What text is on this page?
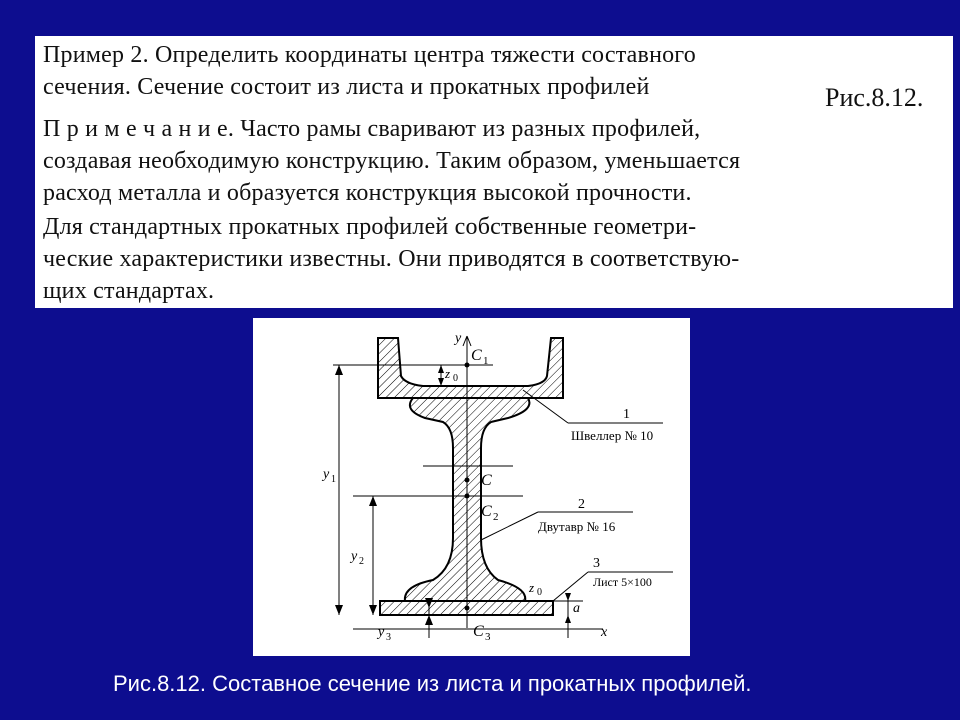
Пример 2. Определить координаты центра тяжести составного
сечения. Сечение состоит из листа и прокатных профилей	Рис.8.12.
П р и м е ч а н и е. Часто рамы сваривают из разных профилей,
создавая необходимую конструкцию. Таким образом, уменьшается
расход металла и образуется конструкция высокой прочности.
Для стандартных прокатных профилей собственные геометри-
ческие характеристики известны. Они приводятся в соответствую-
щих стандартах.
y
C 1
z 0
1
Швеллер № 10
y 1	C
C 2
2
Двутавр № 16
y 2	3
Лист 5×100
z 0
a
y 3	C 3	x
Рис.8.12. Составное сечение из листа и прокатных профилей.
